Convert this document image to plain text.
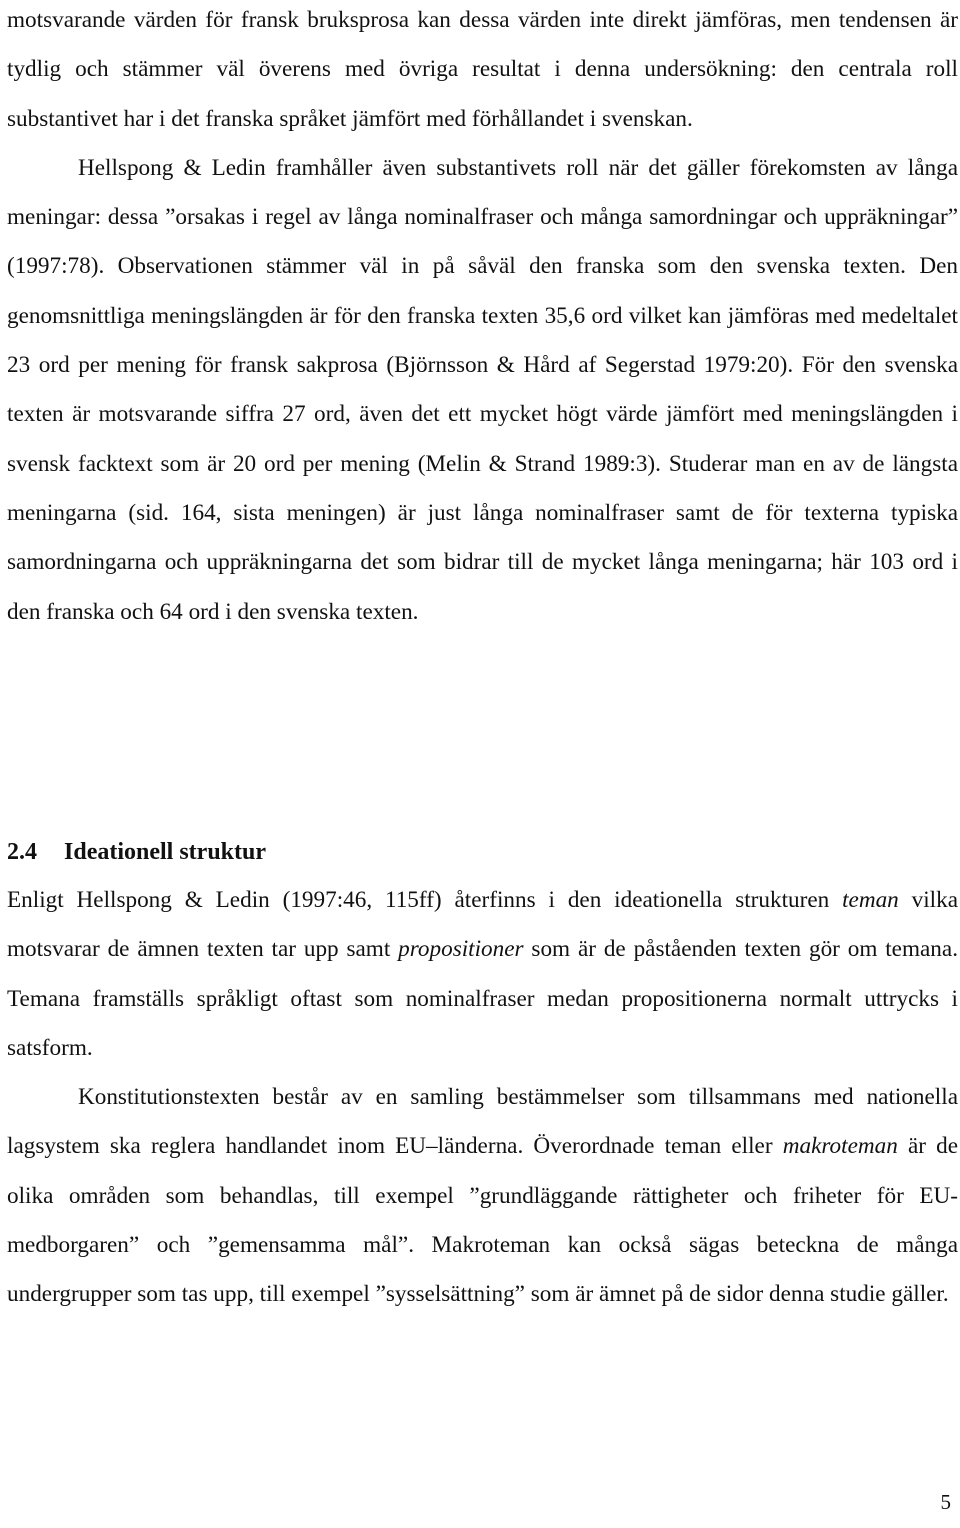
motsvarande värden för fransk bruksprosa kan dessa värden inte direkt jämföras, men tendensen är tydlig och stämmer väl överens med övriga resultat i denna undersökning: den centrala roll substantivet har i det franska språket jämfört med förhållandet i svenskan.
Hellspong & Ledin framhåller även substantivets roll när det gäller förekomsten av långa meningar: dessa ”orsakas i regel av långa nominalfraser och många samordningar och uppräkningar” (1997:78). Observationen stämmer väl in på såväl den franska som den svenska texten. Den genomsnittliga meningslängden är för den franska texten 35,6 ord vilket kan jämföras med medeltalet 23 ord per mening för fransk sakprosa (Björnsson & Hård af Segerstad 1979:20). För den svenska texten är motsvarande siffra 27 ord, även det ett mycket högt värde jämfört med meningslängden i svensk facktext som är 20 ord per mening (Melin & Strand 1989:3). Studerar man en av de längsta meningarna (sid. 164, sista meningen) är just långa nominalfraser samt de för texterna typiska samordningarna och uppräkningarna det som bidrar till de mycket långa meningarna; här 103 ord i den franska och 64 ord i den svenska texten.

2.4 Ideationell struktur

Enligt Hellspong & Ledin (1997:46, 115ff) återfinns i den ideationella strukturen teman vilka motsvarar de ämnen texten tar upp samt propositioner som är de påståenden texten gör om temana. Temana framställs språkligt oftast som nominalfraser medan propositionerna normalt uttrycks i satsform.
Konstitutionstexten består av en samling bestämmelser som tillsammans med nationella lagsystem ska reglera handlandet inom EU–länderna. Överordnade teman eller makroteman är de olika områden som behandlas, till exempel ”grundläggande rättigheter och friheter för EU-medborgaren” och ”gemensamma mål”. Makroteman kan också sägas beteckna de många undergrupper som tas upp, till exempel ”sysselsättning” som är ämnet på de sidor denna studie gäller.

5
